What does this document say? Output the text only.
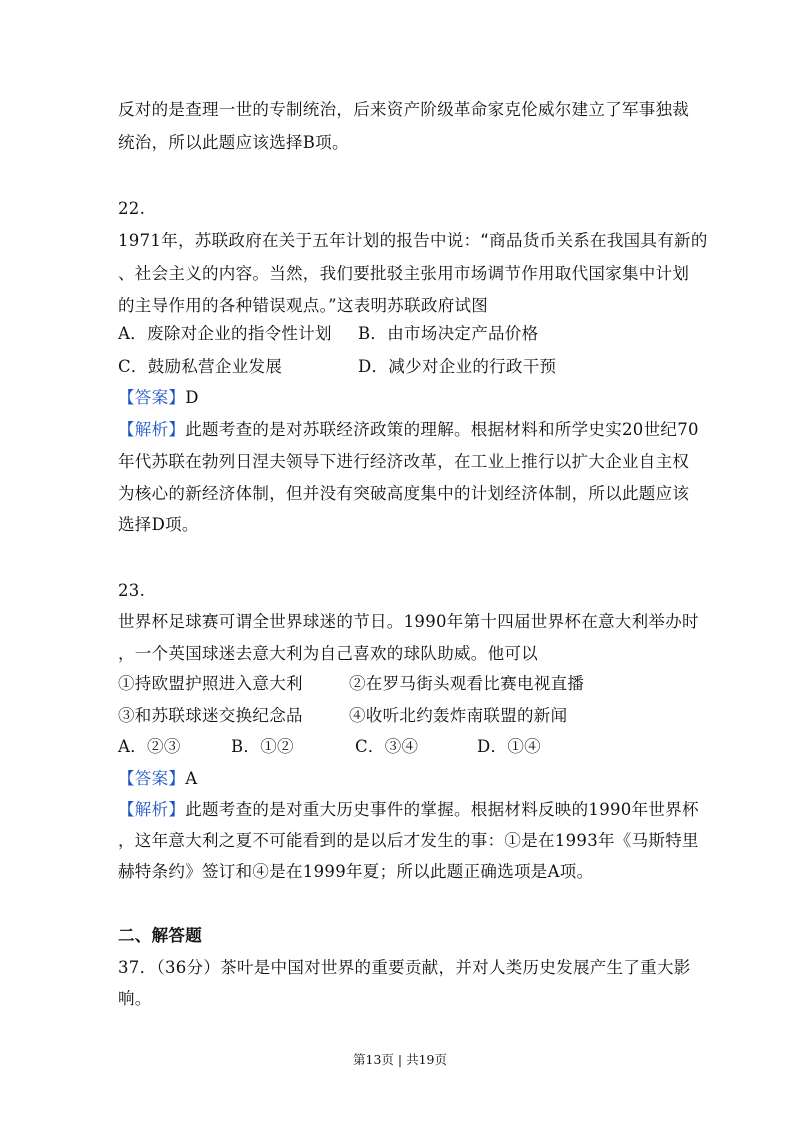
反对的是查理一世的专制统治，后来资产阶级革命家克伦威尔建立了军事独裁
统治，所以此题应该选择B项。
22.
1971年，苏联政府在关于五年计划的报告中说：“商品货币关系在我国具有新的
、社会主义的内容。当然，我们要批驳主张用市场调节作用取代国家集中计划
的主导作用的各种错误观点。”这表明苏联政府试图
A．废除对企业的指令性计划 B．由市场决定产品价格
C．鼓励私营企业发展	D．减少对企业的行政干预
【答案】D
【解析】此题考查的是对苏联经济政策的理解。根据材料和所学史实20世纪70
年代苏联在勃列日涅夫领导下进行经济改革，在工业上推行以扩大企业自主权
为核心的新经济体制，但并没有突破高度集中的计划经济体制，所以此题应该
选择D项。
23.
世界杯足球赛可谓全世界球迷的节日。1990年第十四届世界杯在意大利举办时
，一个英国球迷去意大利为自己喜欢的球队助威。他可以
①持欧盟护照进入意大利	②在罗马街头观看比赛电视直播
③和苏联球迷交换纪念品	④收听北约轰炸南联盟的新闻
A．②③	B．①②	C．③④	D．①④
【答案】A
【解析】此题考查的是对重大历史事件的掌握。根据材料反映的1990年世界杯
，这年意大利之夏不可能看到的是以后才发生的事：①是在1993年《马斯特里
赫特条约》签订和④是在1999年夏；所以此题正确选项是A项。
二、解答题
37．（36分）茶叶是中国对世界的重要贡献，并对人类历史发展产生了重大影
响。
第13页 | 共19页
